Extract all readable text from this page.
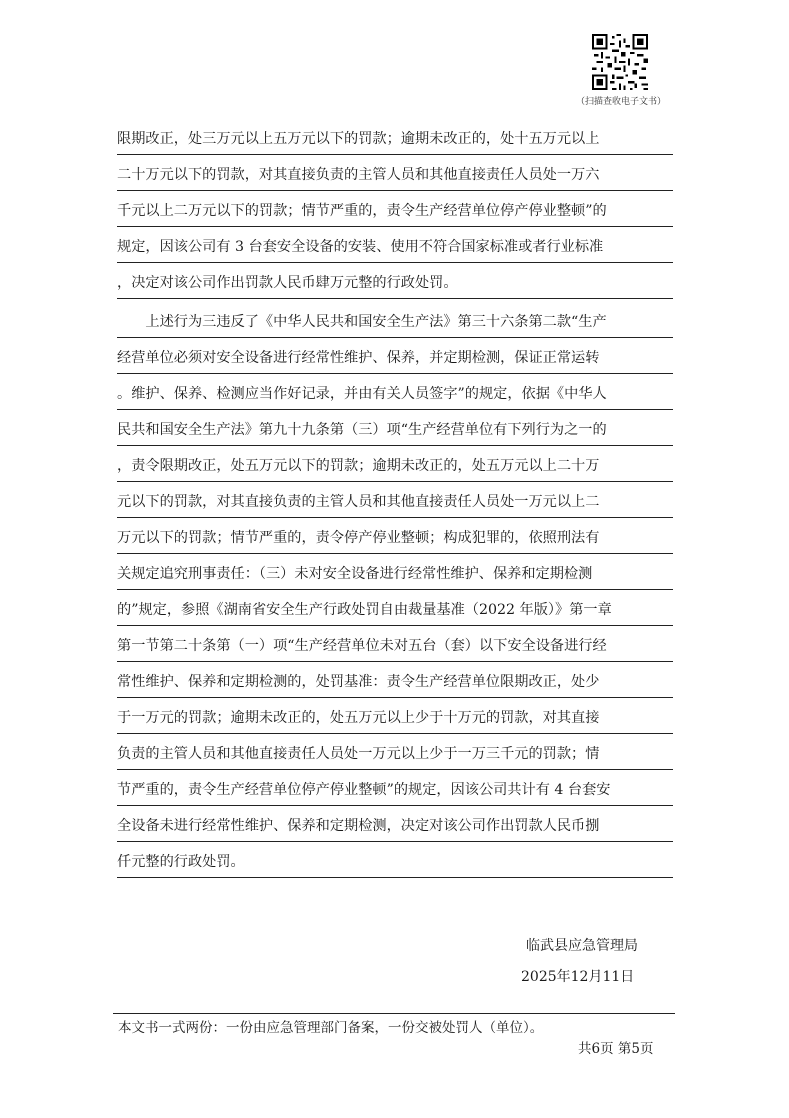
（扫描查收电子文书）
限期改正，处三万元以上五万元以下的罚款；逾期未改正的，处十五万元以上
二十万元以下的罚款，对其直接负责的主管人员和其他直接责任人员处一万六
千元以上二万元以下的罚款；情节严重的，责令生产经营单位停产停业整顿”的
规定，因该公司有 3 台套安全设备的安装、使用不符合国家标准或者行业标准
，决定对该公司作出罚款人民币肆万元整的行政处罚。
　　上述行为三违反了《中华人民共和国安全生产法》第三十六条第二款“生产
经营单位必须对安全设备进行经常性维护、保养，并定期检测，保证正常运转
。维护、保养、检测应当作好记录，并由有关人员签字”的规定，依据《中华人
民共和国安全生产法》第九十九条第（三）项“生产经营单位有下列行为之一的
，责令限期改正，处五万元以下的罚款；逾期未改正的，处五万元以上二十万
元以下的罚款，对其直接负责的主管人员和其他直接责任人员处一万元以上二
万元以下的罚款；情节严重的，责令停产停业整顿；构成犯罪的，依照刑法有
关规定追究刑事责任：（三）未对安全设备进行经常性维护、保养和定期检测
的”规定，参照《湖南省安全生产行政处罚自由裁量基准（2022 年版）》第一章
第一节第二十条第（一）项“生产经营单位未对五台（套）以下安全设备进行经
常性维护、保养和定期检测的，处罚基准：责令生产经营单位限期改正，处少
于一万元的罚款；逾期未改正的，处五万元以上少于十万元的罚款，对其直接
负责的主管人员和其他直接责任人员处一万元以上少于一万三千元的罚款；情
节严重的，责令生产经营单位停产停业整顿”的规定，因该公司共计有 4 台套安
全设备未进行经常性维护、保养和定期检测，决定对该公司作出罚款人民币捌
仟元整的行政处罚。
临武县应急管理局
2025年12月11日
本文书一式两份：一份由应急管理部门备案，一份交被处罚人（单位）。
共6页 第5页
